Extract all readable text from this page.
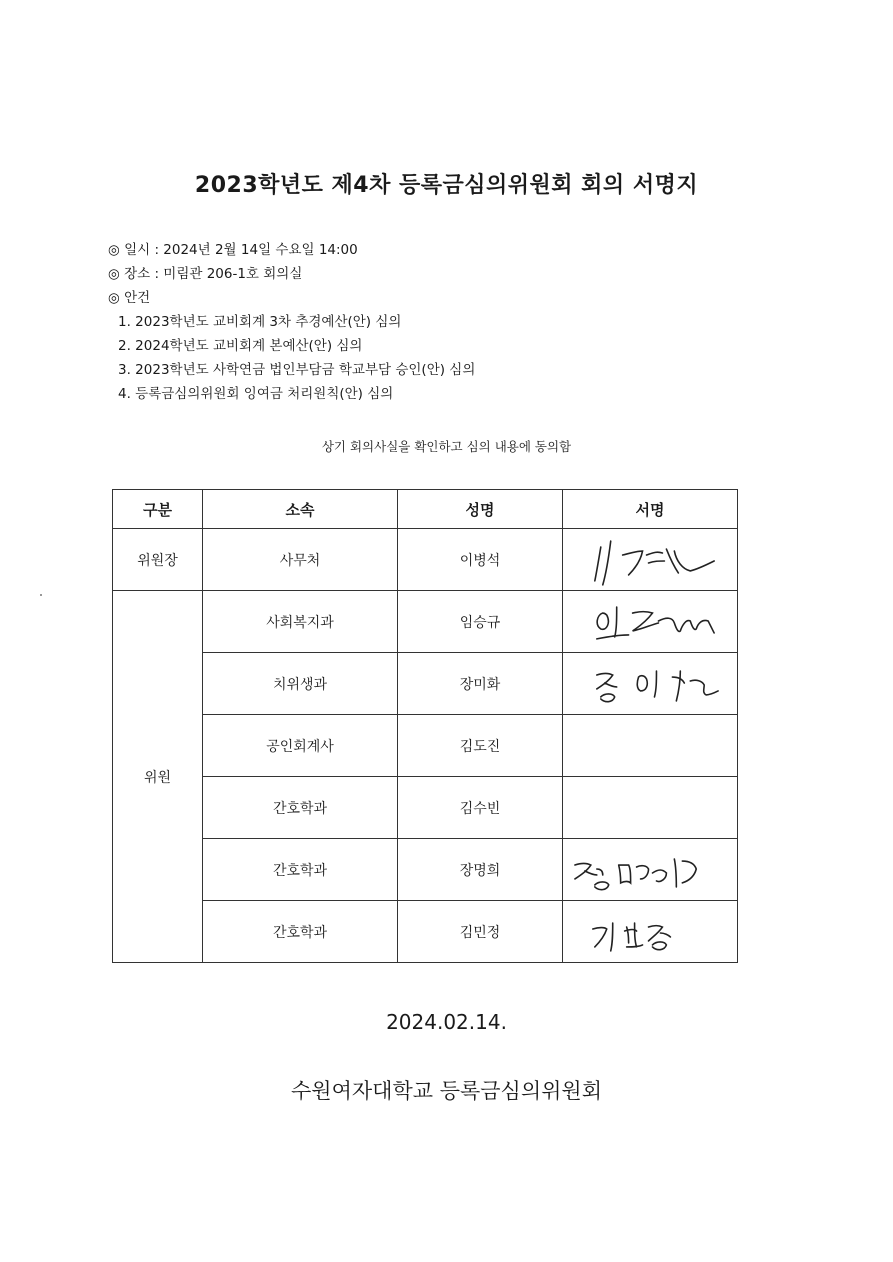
2023학년도 제4차 등록금심의위원회 회의 서명지
◎ 일시 : 2024년 2월 14일 수요일 14:00
◎ 장소 : 미림관 206-1호 회의실
◎ 안건
1. 2023학년도 교비회계 3차 추경예산(안) 심의
2. 2024학년도 교비회계 본예산(안) 심의
3. 2023학년도 사학연금 법인부담금 학교부담 승인(안) 심의
4. 등록금심의위원회 잉여금 처리원칙(안) 심의
상기 회의사실을 확인하고 심의 내용에 동의함
구분	소속	성명	서명
위원장	사무처	이병석	

위원	사회복지과	임승규	

	치위생과	장미화	

	공인회계사	김도진	
	간호학과	김수빈	
	간호학과	장명희	

	간호학과	김민정	
2024.02.14.
수원여자대학교 등록금심의위원회
